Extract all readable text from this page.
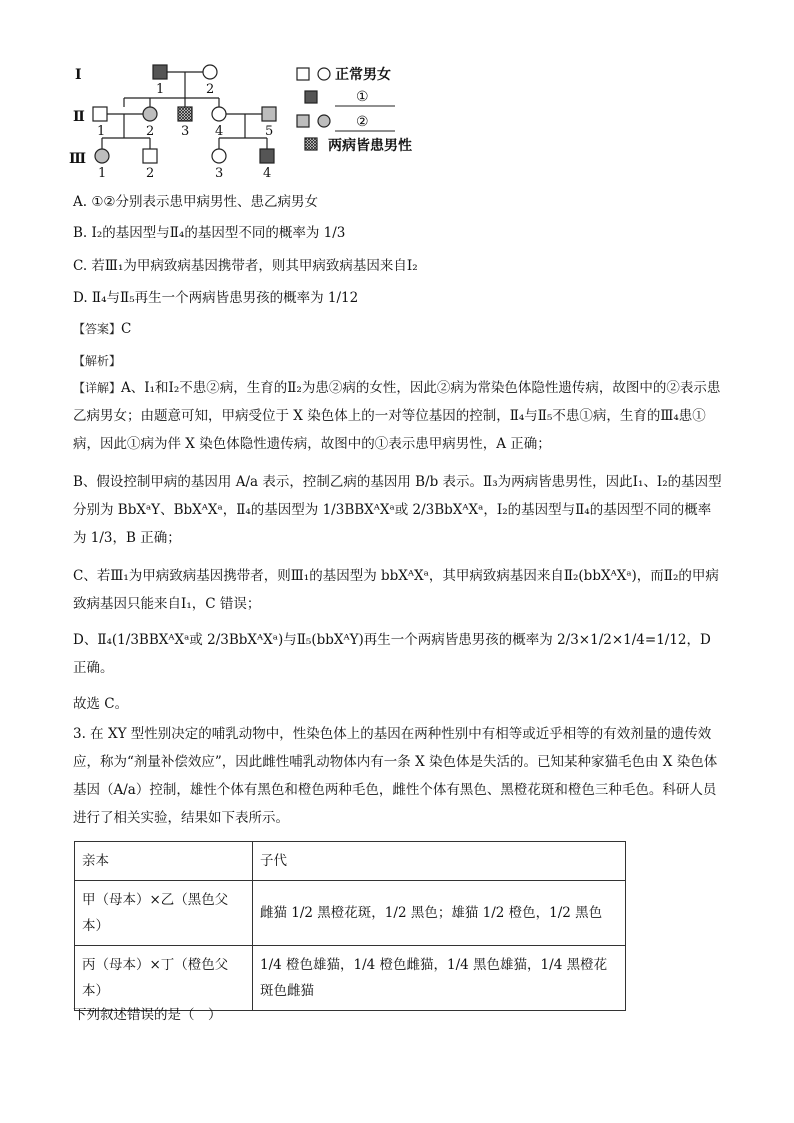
Ⅰ
Ⅱ
Ⅲ
1	2
1	2 3 4	5
1	2	3	4
正常男女
①
②
两病皆患男性
A. ①②分别表示患甲病男性、患乙病男女
B. Ⅰ₂的基因型与Ⅱ₄的基因型不同的概率为 1/3
C. 若Ⅲ₁为甲病致病基因携带者，则其甲病致病基因来自Ⅰ₂
D. Ⅱ₄与Ⅱ₅再生一个两病皆患男孩的概率为 1/12
【答案】C
【解析】
【详解】A、Ⅰ₁和Ⅰ₂不患②病，生育的Ⅱ₂为患②病的女性，因此②病为常染色体隐性遗传病，故图中的②表示患乙病男女；由题意可知，甲病受位于 X 染色体上的一对等位基因的控制，Ⅱ₄与Ⅱ₅不患①病，生育的Ⅲ₄患①病，因此①病为伴 X 染色体隐性遗传病，故图中的①表示患甲病男性，A 正确；
B、假设控制甲病的基因用 A/a 表示，控制乙病的基因用 B/b 表示。Ⅱ₃为两病皆患男性，因此Ⅰ₁、Ⅰ₂的基因型分别为 BbXᵃY、BbXᴬXᵃ，Ⅱ₄的基因型为 1/3BBXᴬXᵃ或 2/3BbXᴬXᵃ，Ⅰ₂的基因型与Ⅱ₄的基因型不同的概率为 1/3，B 正确；
C、若Ⅲ₁为甲病致病基因携带者，则Ⅲ₁的基因型为 bbXᴬXᵃ，其甲病致病基因来自Ⅱ₂(bbXᴬXᵃ)，而Ⅱ₂的甲病致病基因只能来自Ⅰ₁，C 错误；
D、Ⅱ₄(1/3BBXᴬXᵃ或 2/3BbXᴬXᵃ)与Ⅱ₅(bbXᴬY)再生一个两病皆患男孩的概率为 2/3×1/2×1/4=1/12，D 正确。
故选 C。
3. 在 XY 型性别决定的哺乳动物中，性染色体上的基因在两种性别中有相等或近乎相等的有效剂量的遗传效应，称为“剂量补偿效应”，因此雌性哺乳动物体内有一条 X 染色体是失活的。已知某种家猫毛色由 X 染色体基因（A/a）控制，雄性个体有黑色和橙色两种毛色，雌性个体有黑色、黑橙花斑和橙色三种毛色。科研人员进行了相关实验，结果如下表所示。
亲本	子代
甲（母本）×乙（黑色父本）	雌猫 1/2 黑橙花斑，1/2 黑色；雄猫 1/2 橙色，1/2 黑色
丙（母本）×丁（橙色父本）	1/4 橙色雄猫，1/4 橙色雌猫，1/4 黑色雄猫，1/4 黑橙花斑色雌猫
下列叙述错误的是（　）
